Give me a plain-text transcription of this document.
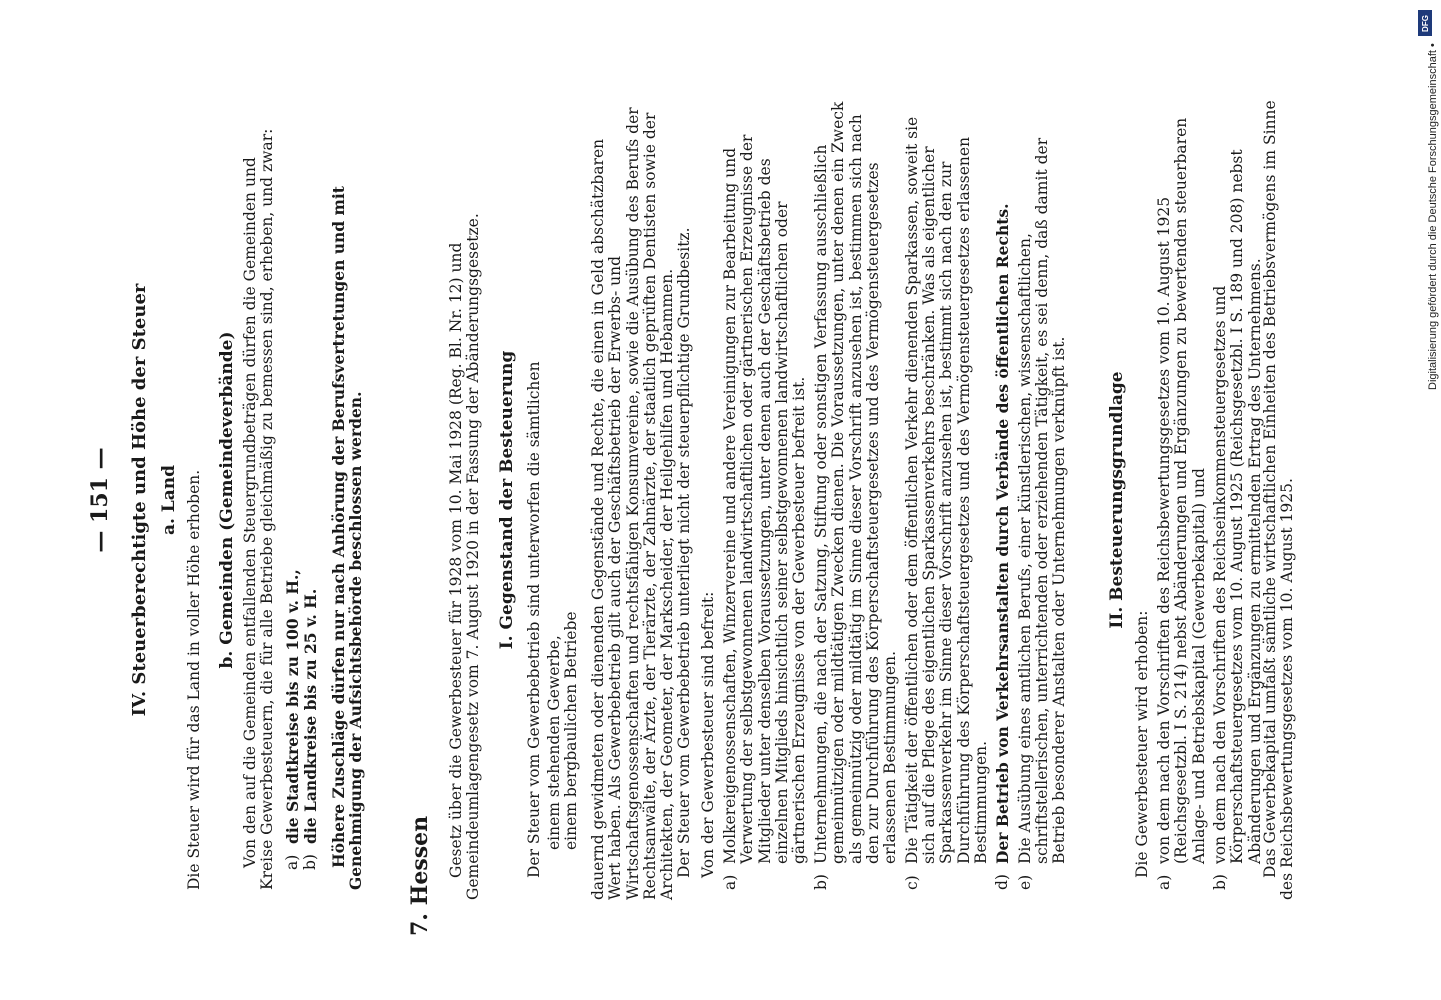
— 151 — IV. Steuerberechtigte und Höhe der Steuer a. Land Die Steuer wird für das Land in voller Höhe erhoben. b. Gemeinden (Gemeindeverbände) Von den auf die Gemeinden entfallenden Steuergrundbeträgen dürfen die Gemeinden und Kreise Gewerbesteuern, die für alle Betriebe gleichmäßig zu bemessen sind, erheben, und zwar: a)
die Stadtkreise bis zu 100 v. H.,
b)
die Landkreise bis zu 25 v. H. Höhere Zuschläge dürfen nur nach Anhörung der Berufsvertretungen und mit Genehmigung der Aufsichtsbehörde beschlossen werden. 7. Hessen Gesetz über die Gewerbesteuer für 1928 vom 10. Mai 1928 (Reg. Bl. Nr. 12) und Gemeindeumlagengesetz vom 7. August 1920 in der Fassung der Abänderungsgesetze. I. Gegenstand der Besteuerung Der Steuer vom Gewerbebetrieb sind unterworfen die sämtlichen einem stehenden Gewerbe, einem bergbaulichen Betriebe dauernd gewidmeten oder dienenden Gegenstände und Rechte, die einen in Geld abschätzbaren Wert haben. Als Gewerbebetrieb gilt auch der Geschäftsbetrieb der Erwerbs- und Wirtschaftsgenossenschaften und rechtsfähigen Konsumvereine, sowie die Ausübung des Berufs der Rechtsanwälte, der Ärzte, der Tierärzte, der Zahnärzte, der staatlich geprüften Dentisten sowie der Architekten, der Geometer, der Markscheider, der Heilgehilfen und Hebammen.
Der Steuer vom Gewerbebetrieb unterliegt nicht der steuerpflichtige Grundbesitz. Von der Gewerbesteuer sind befreit:
a)
Molkereigenossenschaften, Winzervereine und andere Vereinigungen zur Bearbeitung und Verwertung der selbstgewonnenen landwirtschaftlichen oder gärtnerischen Erzeugnisse der Mitglieder unter denselben Voraussetzungen, unter denen auch der Geschäftsbetrieb des einzelnen Mitglieds hinsichtlich seiner selbstgewonnenen landwirtschaftlichen oder gärtnerischen Erzeugnisse von der Gewerbesteuer befreit ist.
b)
Unternehmungen, die nach der Satzung, Stiftung oder sonstigen Verfassung ausschließlich gemeinnützigen oder mildtätigen Zwecken dienen. Die Voraussetzungen, unter denen ein Zweck als gemeinnützig oder mildtätig im Sinne dieser Vorschrift anzusehen ist, bestimmen sich nach den zur Durchführung des Körperschaftsteuergesetzes und des Vermögensteuergesetzes erlassenen Bestimmungen.
c)
Die Tätigkeit der öffentlichen oder dem öffentlichen Verkehr dienenden Sparkassen, soweit sie sich auf die Pflege des eigentlichen Sparkassenverkehrs beschränken. Was als eigentlicher Sparkassenverkehr im Sinne dieser Vorschrift anzusehen ist, bestimmt sich nach den zur Durchführung des Körperschaftsteuergesetzes und des Vermögensteuergesetzes erlassenen Bestimmungen.
d)
Der Betrieb von Verkehrsanstalten durch Verbände des öffentlichen Rechts.
e)
Die Ausübung eines amtlichen Berufs, einer künstlerischen, wissenschaftlichen, schriftstellerischen, unterrichtenden oder erziehenden Tätigkeit, es sei denn, daß damit der Betrieb besonderer Anstalten oder Unternehmungen verknüpft ist. II. Besteuerungsgrundlage
Die Gewerbesteuer wird erhoben:
a)
von dem nach den Vorschriften des Reichsbewertungsgesetzes vom 10. August 1925 (Reichsgesetzbl. I S. 214) nebst Abänderungen und Ergänzungen zu bewertenden steuerbaren Anlage- und Betriebskapital (Gewerbekapital) und
b)
von dem nach den Vorschriften des Reichseinkommensteuergesetzes und Körperschaftsteuergesetzes vom 10. August 1925 (Reichsgesetzbl. I S. 189 und 208) nebst Abänderungen und Ergänzungen zu ermittelnden Ertrag des Unternehmens.
Das Gewerbekapital umfaßt sämtliche wirtschaftlichen Einheiten des Betriebsvermögens im Sinne des Reichsbewertungsgesetzes vom 10. August 1925.
DFG
Digitalisierung gefördert durch die Deutsche Forschungsgemeinschaft •
